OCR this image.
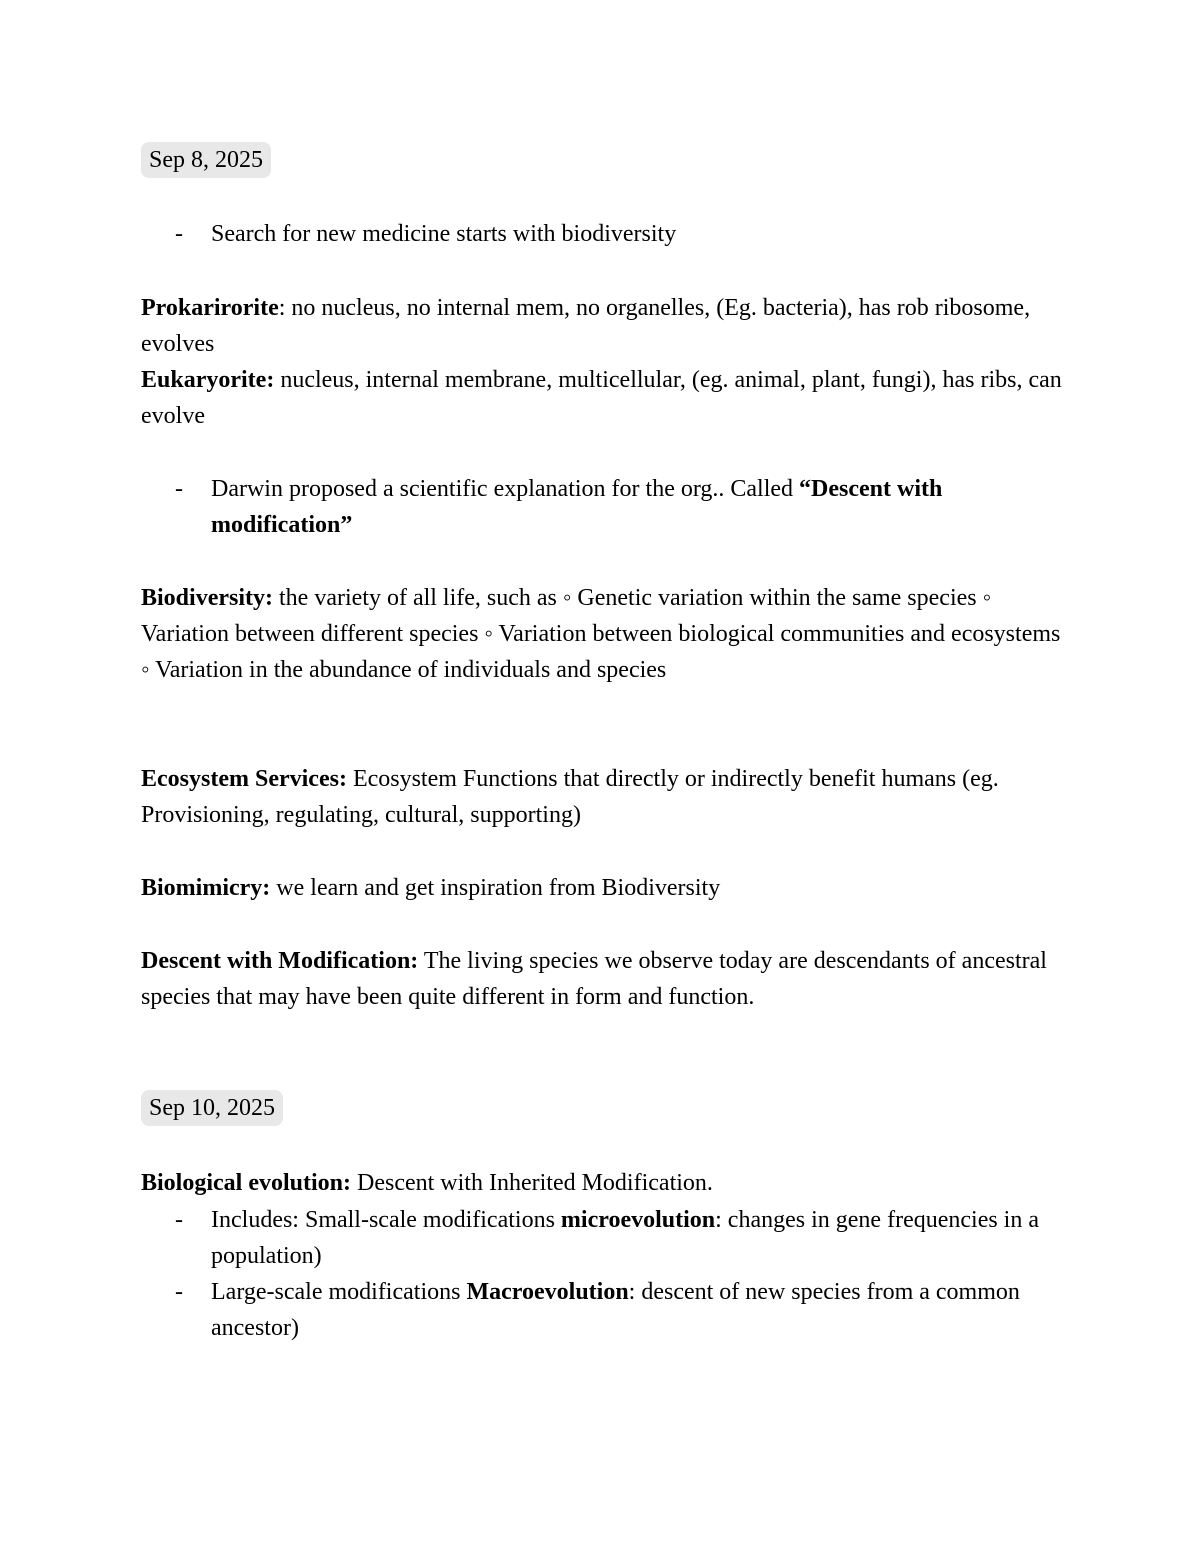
Sep 8, 2025
- Search for new medicine starts with biodiversity

Prokarirorite: no nucleus, no internal mem, no organelles, (Eg. bacteria), has rob ribosome, evolves

Eukaryorite: nucleus, internal membrane, multicellular, (eg. animal, plant, fungi), has ribs, can evolve

- Darwin proposed a scientific explanation for the org.. Called “Descent with modification”

Biodiversity: the variety of all life, such as ◦ Genetic variation within the same species ◦ Variation between different species ◦ Variation between biological communities and ecosystems ◦ Variation in the abundance of individuals and species

Ecosystem Services: Ecosystem Functions that directly or indirectly benefit humans (eg. Provisioning, regulating, cultural, supporting)

Biomimicry: we learn and get inspiration from Biodiversity

Descent with Modification: The living species we observe today are descendants of ancestral species that may have been quite different in form and function.

Sep 10, 2025

Biological evolution: Descent with Inherited Modification.

- Includes: Small-scale modifications microevolution: changes in gene frequencies in a population)
- Large-scale modifications Macroevolution: descent of new species from a common ancestor)
